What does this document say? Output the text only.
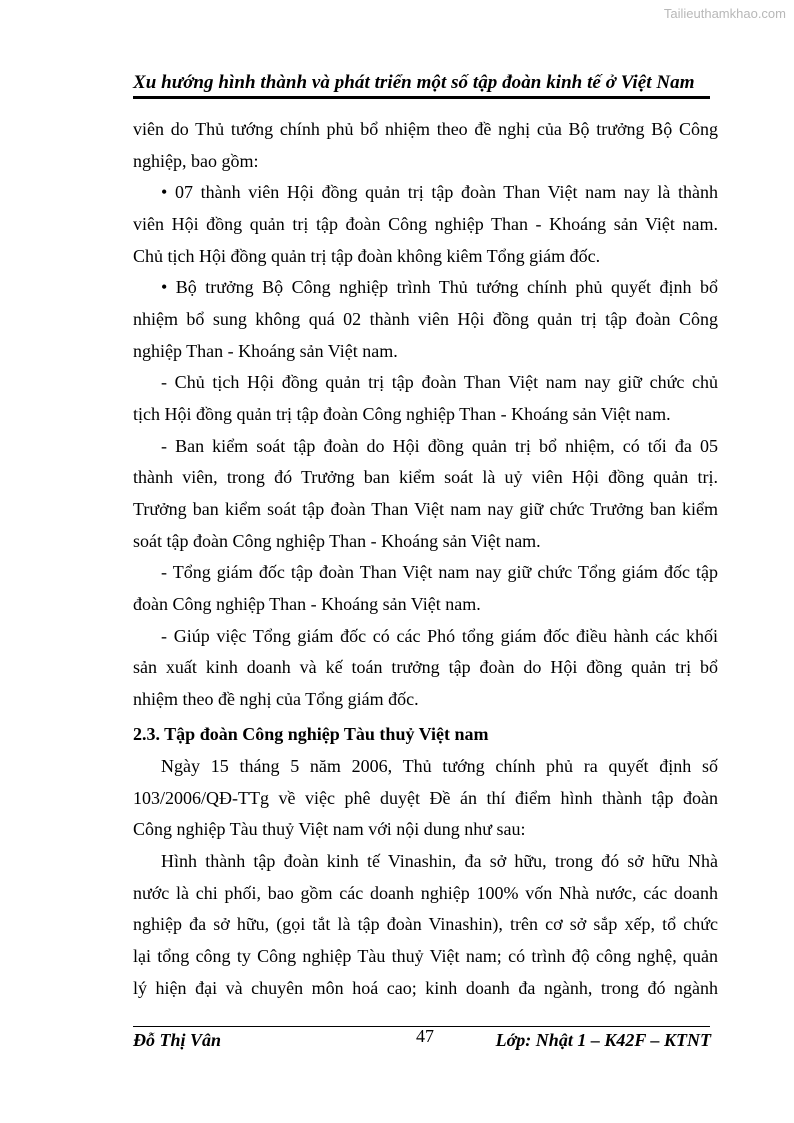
Tailieuthamkhao.com
Xu hướng hình thành và phát triển một số tập đoàn kinh tế ở Việt Nam
viên do Thủ tướng chính phủ bổ nhiệm theo đề nghị của Bộ trưởng Bộ Công
nghiệp, bao gồm:
• 07 thành viên Hội đồng quản trị tập đoàn Than Việt nam nay là thành
viên Hội đồng quản trị tập đoàn Công nghiệp Than - Khoáng sản Việt nam.
Chủ tịch Hội đồng quản trị tập đoàn không kiêm Tổng giám đốc.
• Bộ trưởng Bộ Công nghiệp trình Thủ tướng chính phủ quyết định bổ
nhiệm bổ sung không quá 02 thành viên Hội đồng quản trị tập đoàn Công
nghiệp Than - Khoáng sản Việt nam.
- Chủ tịch Hội đồng quản trị tập đoàn Than Việt nam nay giữ chức chủ
tịch Hội đồng quản trị tập đoàn Công nghiệp Than - Khoáng sản Việt nam.
- Ban kiểm soát tập đoàn do Hội đồng quản trị bổ nhiệm, có tối đa 05
thành viên, trong đó Trưởng ban kiểm soát là uỷ viên Hội đồng quản trị.
Trưởng ban kiểm soát tập đoàn Than Việt nam nay giữ chức Trưởng ban kiểm
soát tập đoàn Công nghiệp Than - Khoáng sản Việt nam.
- Tổng giám đốc tập đoàn Than Việt nam nay giữ chức Tổng giám đốc tập
đoàn Công nghiệp Than - Khoáng sản Việt nam.
- Giúp việc Tổng giám đốc có các Phó tổng giám đốc điều hành các khối
sản xuất kinh doanh và kế toán trưởng tập đoàn do Hội đồng quản trị bổ
nhiệm theo đề nghị của Tổng giám đốc.
2.3. Tập đoàn Công nghiệp Tàu thuỷ Việt nam
Ngày 15 tháng 5 năm 2006, Thủ tướng chính phủ ra quyết định số
103/2006/QĐ-TTg về việc phê duyệt Đề án thí điểm hình thành tập đoàn
Công nghiệp Tàu thuỷ Việt nam với nội dung như sau:
Hình thành tập đoàn kinh tế Vinashin, đa sở hữu, trong đó sở hữu Nhà
nước là chi phối, bao gồm các doanh nghiệp 100% vốn Nhà nước, các doanh
nghiệp đa sở hữu, (gọi tắt là tập đoàn Vinashin), trên cơ sở sắp xếp, tổ chức
lại tổng công ty Công nghiệp Tàu thuỷ Việt nam; có trình độ công nghệ, quản
lý hiện đại và chuyên môn hoá cao; kinh doanh đa ngành, trong đó ngành
Đỗ Thị Vân	47	Lớp: Nhật 1 – K42F – KTNT
